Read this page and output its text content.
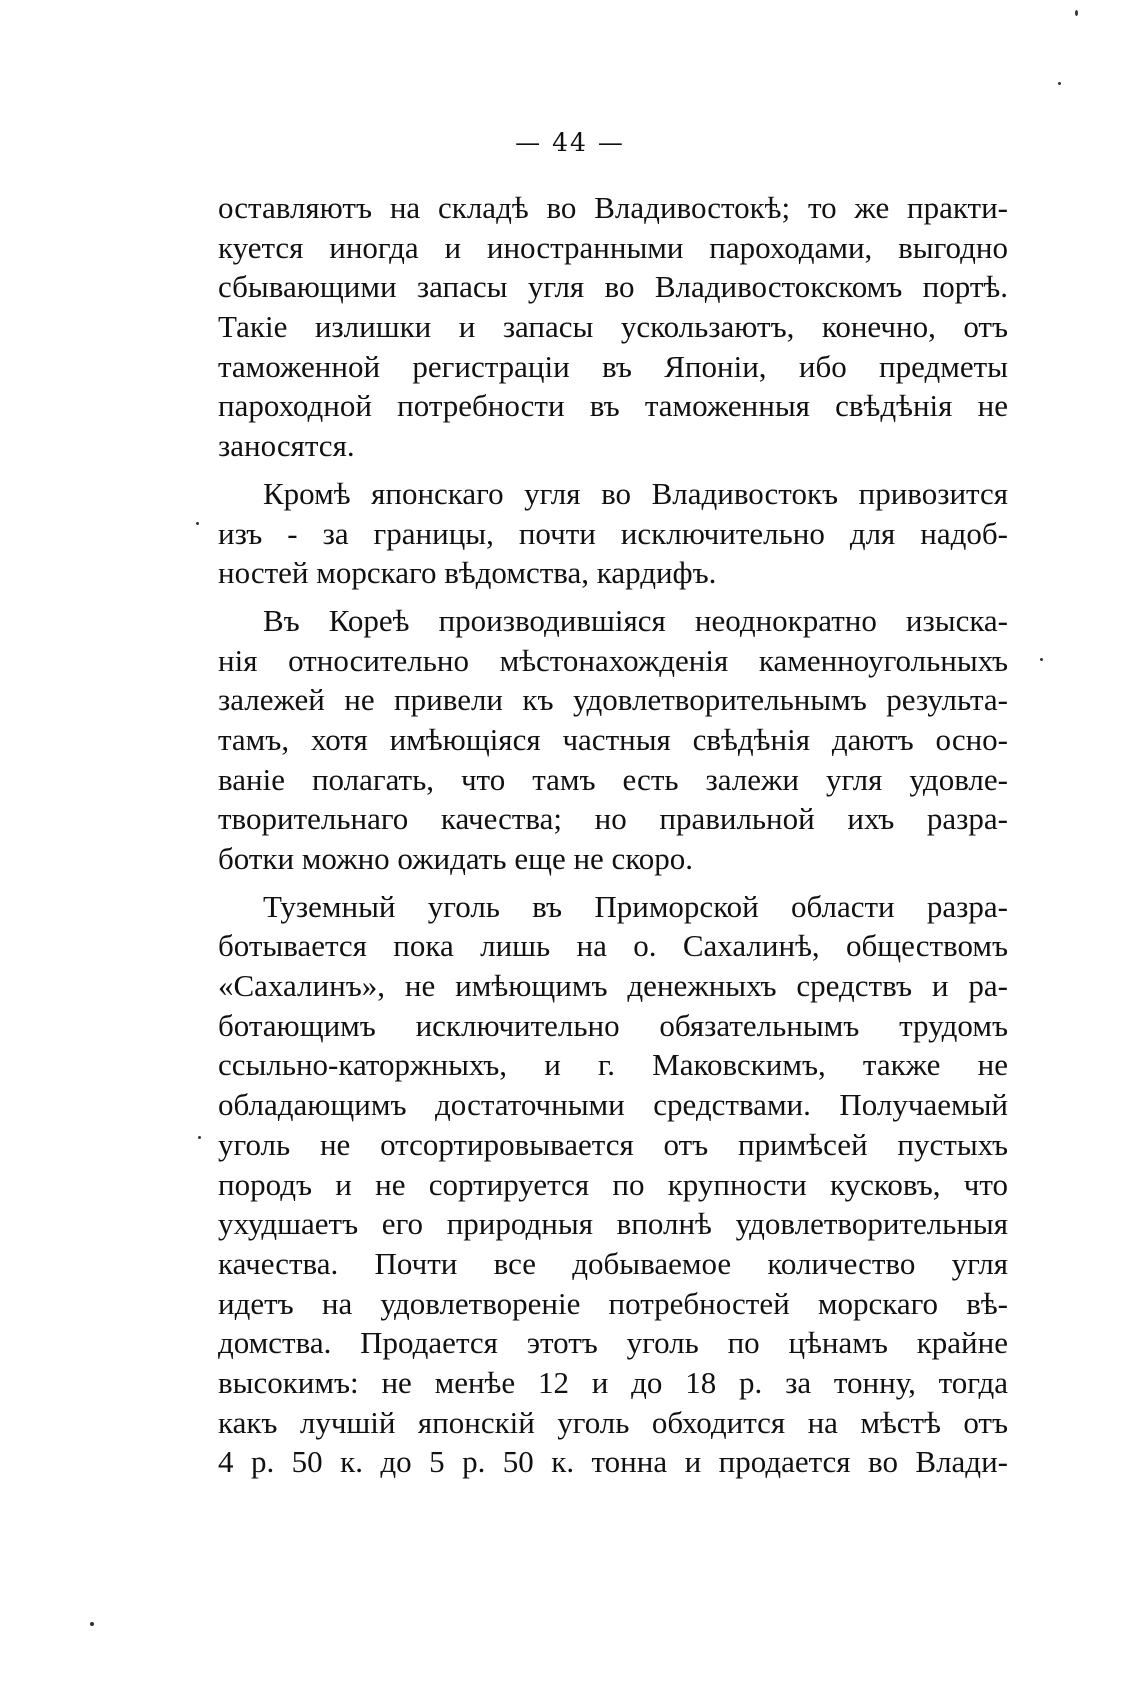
— 44 —
оставляютъ на складѣ во Владивостокѣ; то же практи-
куется иногда и иностранными пароходами, выгодно
сбывающими запасы угля во Владивостокскомъ портѣ.
Такіе излишки и запасы ускользаютъ, конечно, отъ
таможенной регистраціи въ Японіи, ибо предметы
пароходной потребности въ таможенныя свѣдѣнія не
заносятся.
Кромѣ японскаго угля во Владивостокъ привозится
изъ - за границы, почти исключительно для надоб-
ностей морскаго вѣдомства, кардифъ.
Въ Кореѣ производившіяся неоднократно изыска-
нія относительно мѣстонахожденія каменноугольныхъ
залежей не привели къ удовлетворительнымъ результа-
тамъ, хотя имѣющіяся частныя свѣдѣнія даютъ осно-
ваніе полагать, что тамъ есть залежи угля удовле-
творительнаго качества; но правильной ихъ разра-
ботки можно ожидать еще не скоро.
Туземный уголь въ Приморской области разра-
ботывается пока лишь на о. Сахалинѣ, обществомъ
«Сахалинъ», не имѣющимъ денежныхъ средствъ и ра-
ботающимъ исключительно обязательнымъ трудомъ
ссыльно-каторжныхъ, и г. Маковскимъ, также не
обладающимъ достаточными средствами. Получаемый
уголь не отсортировывается отъ примѣсей пустыхъ
породъ и не сортируется по крупности кусковъ, что
ухудшаетъ его природныя вполнѣ удовлетворительныя
качества. Почти все добываемое количество угля
идетъ на удовлетвореніе потребностей морскаго вѣ-
домства. Продается этотъ уголь по цѣнамъ крайне
высокимъ: не менѣе 12 и до 18 р. за тонну, тогда
какъ лучшій японскій уголь обходится на мѣстѣ отъ
4 р. 50 к. до 5 р. 50 к. тонна и продается во Влади-
